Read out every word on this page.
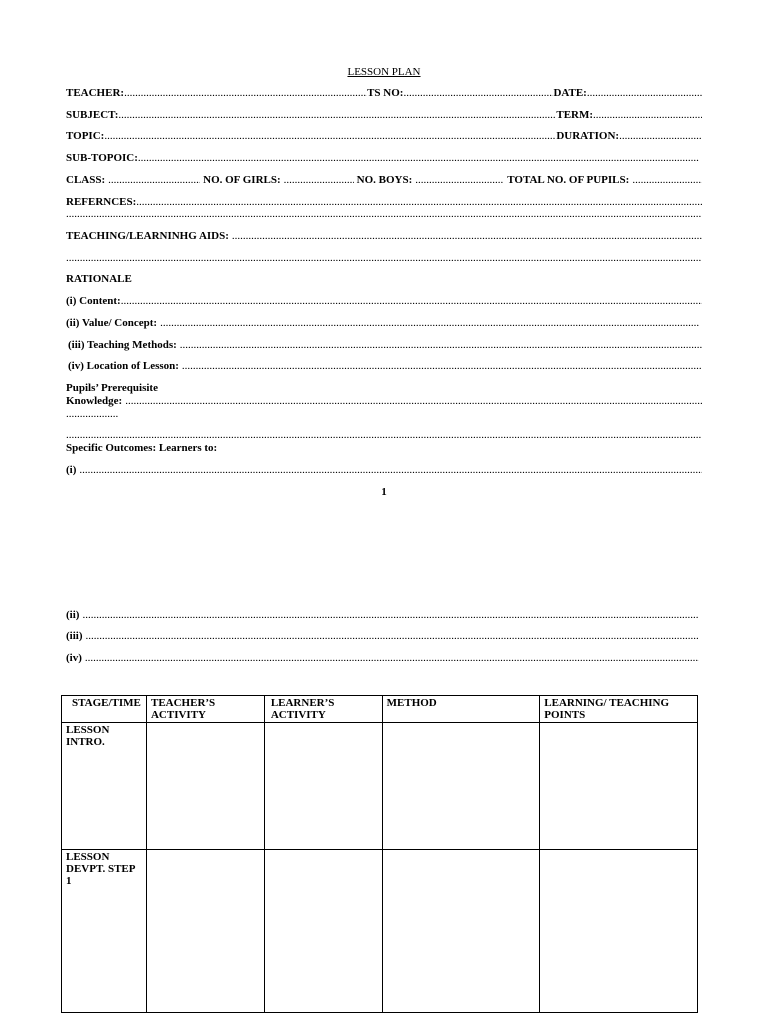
LESSON PLAN
TEACHER: .....	TS NO: .....	DATE:
.....
SUBJECT: .....	TERM:
.....
TOPIC: .....	DURATION:
.....
SUB-TOPOIC:
.....
CLASS: .....	NO. OF GIRLS: .....	NO. BOYS: .....	TOTAL NO. OF PUPILS:
.....
REFERNCES:
.....
.....
TEACHING/LEARNINHG AIDS:
.....
.....
RATIONALE
(i) Content:
.....
(ii) Value/ Concept:
.....
(iii) Teaching Methods:
.....
(iv) Location of Lesson:
.....
Pupils’ Prerequisite
Knowledge:
.....
...................
.....
Specific Outcomes: Learners to:
(i)
.....
1
(ii)
.....
(iii)
.....
(iv)
.....
STAGE/TIME	TEACHER’S ACTIVITY	LEARNER’S ACTIVITY	METHOD	LEARNING/ TEACHING POINTS
LESSON INTRO.				
LESSON DEVPT. STEP 1				
